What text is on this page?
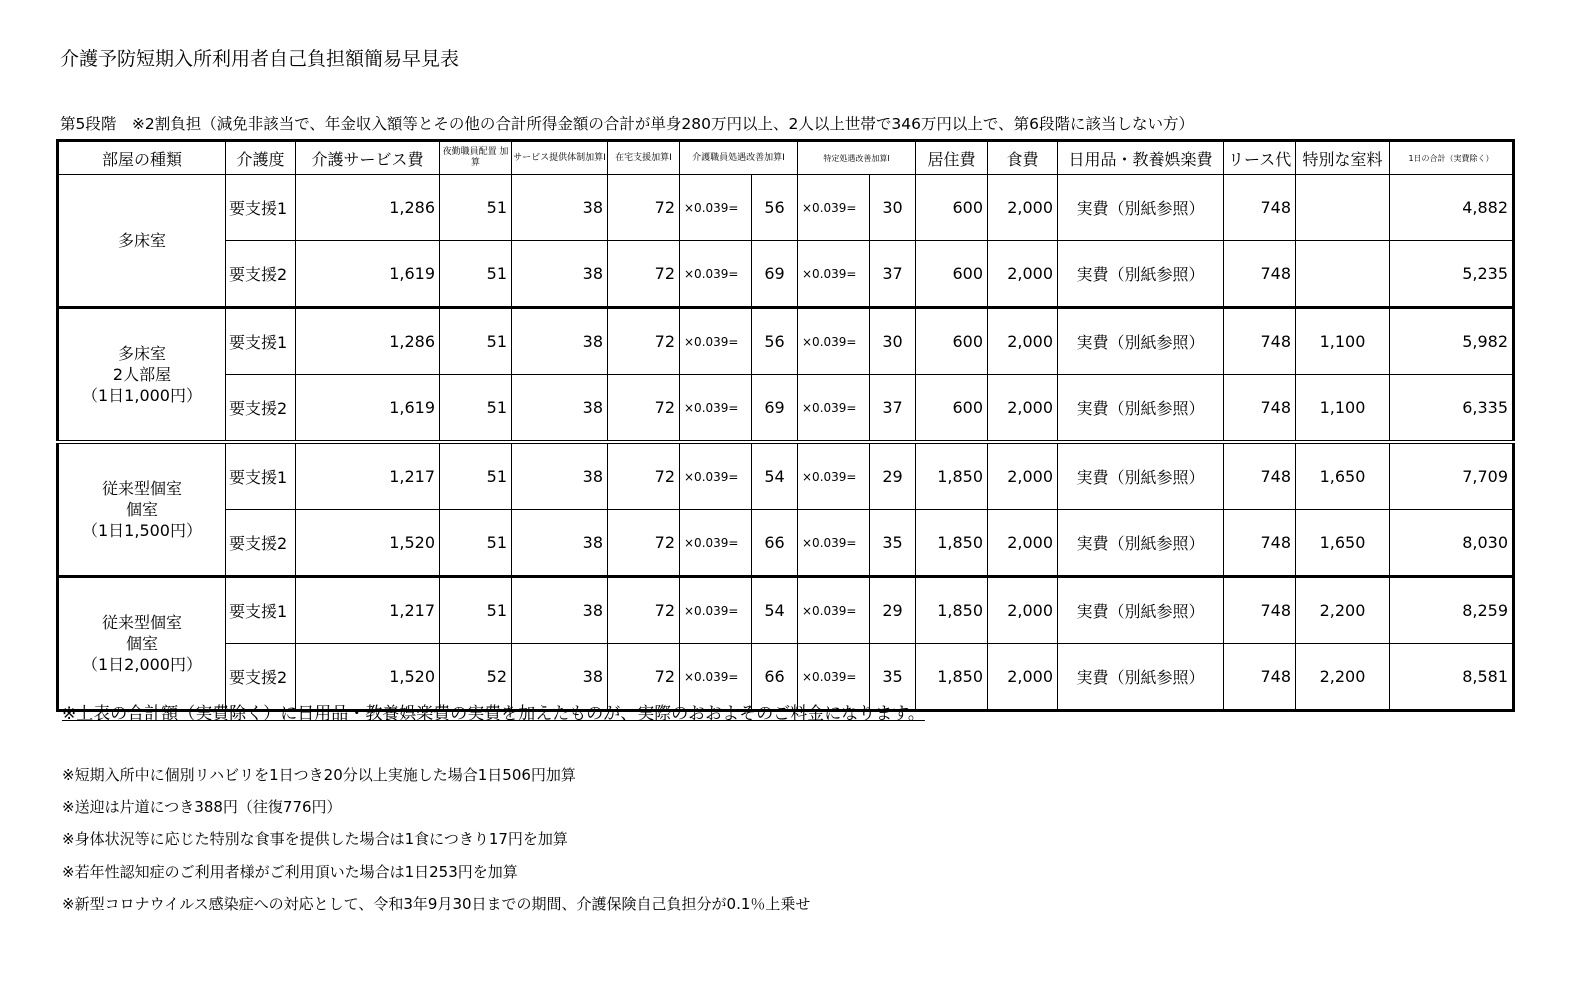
介護予防短期入所利用者自己負担額簡易早見表
第5段階　※2割負担（減免非該当で、年金収入額等とその他の合計所得金額の合計が単身280万円以上、2人以上世帯で346万円以上で、第6段階に該当しない方）
部屋の種類	介護度	介護サービス費	夜勤職員配置 加 算	サービス提供体制加算Ⅰ	在宅支援加算Ⅰ	介護職員処遇改善加算Ⅰ		特定処遇改善加算Ⅰ		居住費	食費	日用品・教養娯楽費	リース代	特別な室料	1日の合計（実費除く）
多床室	要支援1	1,286	51	38	72	×0.039=	56	×0.039=	30	600	2,000	実費（別紙参照）	748		4,882
	要支援2	1,619	51	38	72	×0.039=	69	×0.039=	37	600	2,000	実費（別紙参照）	748		5,235
多床室
2人部屋
（1日1,000円）	要支援1	1,286	51	38	72	×0.039=	56	×0.039=	30	600	2,000	実費（別紙参照）	748	1,100	5,982
	要支援2	1,619	51	38	72	×0.039=	69	×0.039=	37	600	2,000	実費（別紙参照）	748	1,100	6,335
従来型個室
個室
（1日1,500円）	要支援1	1,217	51	38	72	×0.039=	54	×0.039=	29	1,850	2,000	実費（別紙参照）	748	1,650	7,709
	要支援2	1,520	51	38	72	×0.039=	66	×0.039=	35	1,850	2,000	実費（別紙参照）	748	1,650	8,030
従来型個室
個室
（1日2,000円）	要支援1	1,217	51	38	72	×0.039=	54	×0.039=	29	1,850	2,000	実費（別紙参照）	748	2,200	8,259
	要支援2	1,520	52	38	72	×0.039=	66	×0.039=	35	1,850	2,000	実費（別紙参照）	748	2,200	8,581
※上表の合計額（実費除く）に日用品・教養娯楽費の実費を加えたものが、実際のおおよそのご料金になります。
※短期入所中に個別リハビリを1日つき20分以上実施した場合1日506円加算
※送迎は片道につき388円（往復776円）
※身体状況等に応じた特別な食事を提供した場合は1食につきり17円を加算
※若年性認知症のご利用者様がご利用頂いた場合は1日253円を加算
※新型コロナウイルス感染症への対応として、令和3年9月30日までの期間、介護保険自己負担分が0.1％上乗せ
